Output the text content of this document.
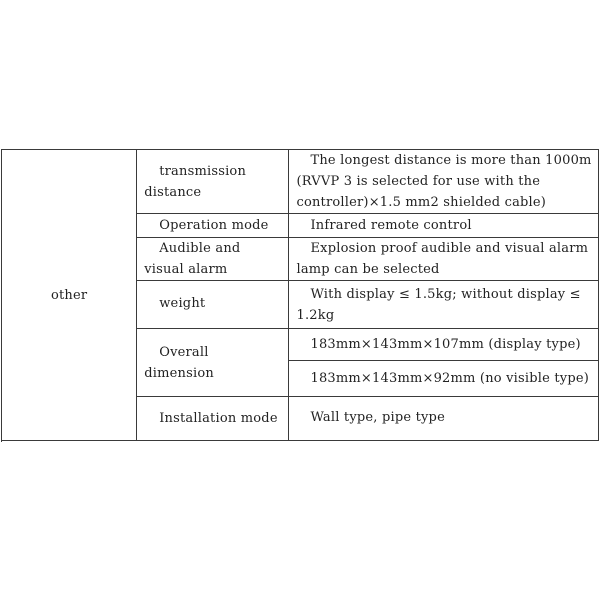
other	transmission distance	The longest distance is more than 1000m (RVVP 3 is selected for use with the controller)×1.5 mm2 shielded cable)

	Operation mode	Infrared remote control

	Audible and visual alarm	Explosion proof audible and visual alarm lamp can be selected

	weight	With display ≤ 1.5kg; without display ≤ 1.2kg

	Overall dimension	183mm×143mm×107mm (display type)

		183mm×143mm×92mm (no visible type)

	Installation mode	Wall type, pipe type
